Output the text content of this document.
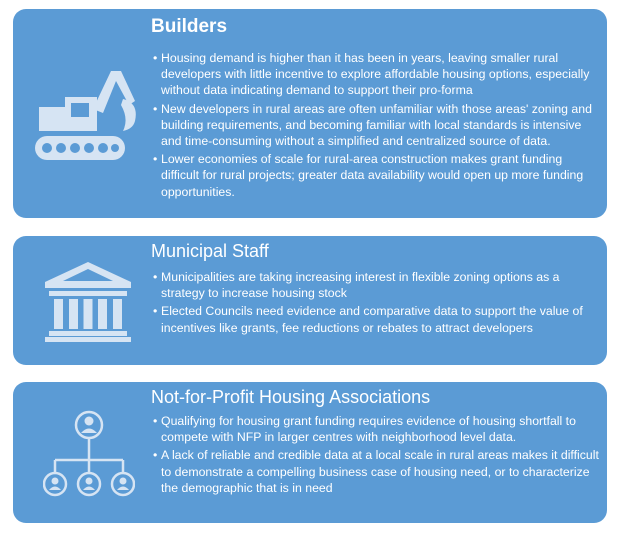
Builders
• Housing demand is higher than it has been in years, leaving smaller rural developers with little incentive to explore affordable housing options, especially without data indicating demand to support their pro-forma
• New developers in rural areas are often unfamiliar with those areas' zoning and building requirements, and becoming familiar with local standards is intensive and time-consuming without a simplified and centralized source of data.
• Lower economies of scale for rural-area construction makes grant funding difficult for rural projects; greater data availability would open up more funding opportunities.
Municipal Staff
• Municipalities are taking increasing interest in flexible zoning options as a strategy to increase housing stock
• Elected Councils need evidence and comparative data to support the value of incentives like grants, fee reductions or rebates to attract developers
Not-for-Profit Housing Associations
• Qualifying for housing grant funding requires evidence of housing shortfall to compete with NFP in larger centres with neighborhood level data.
• A lack of reliable and credible data at a local scale in rural areas makes it difficult to demonstrate a compelling business case of housing need, or to characterize the demographic that is in need
